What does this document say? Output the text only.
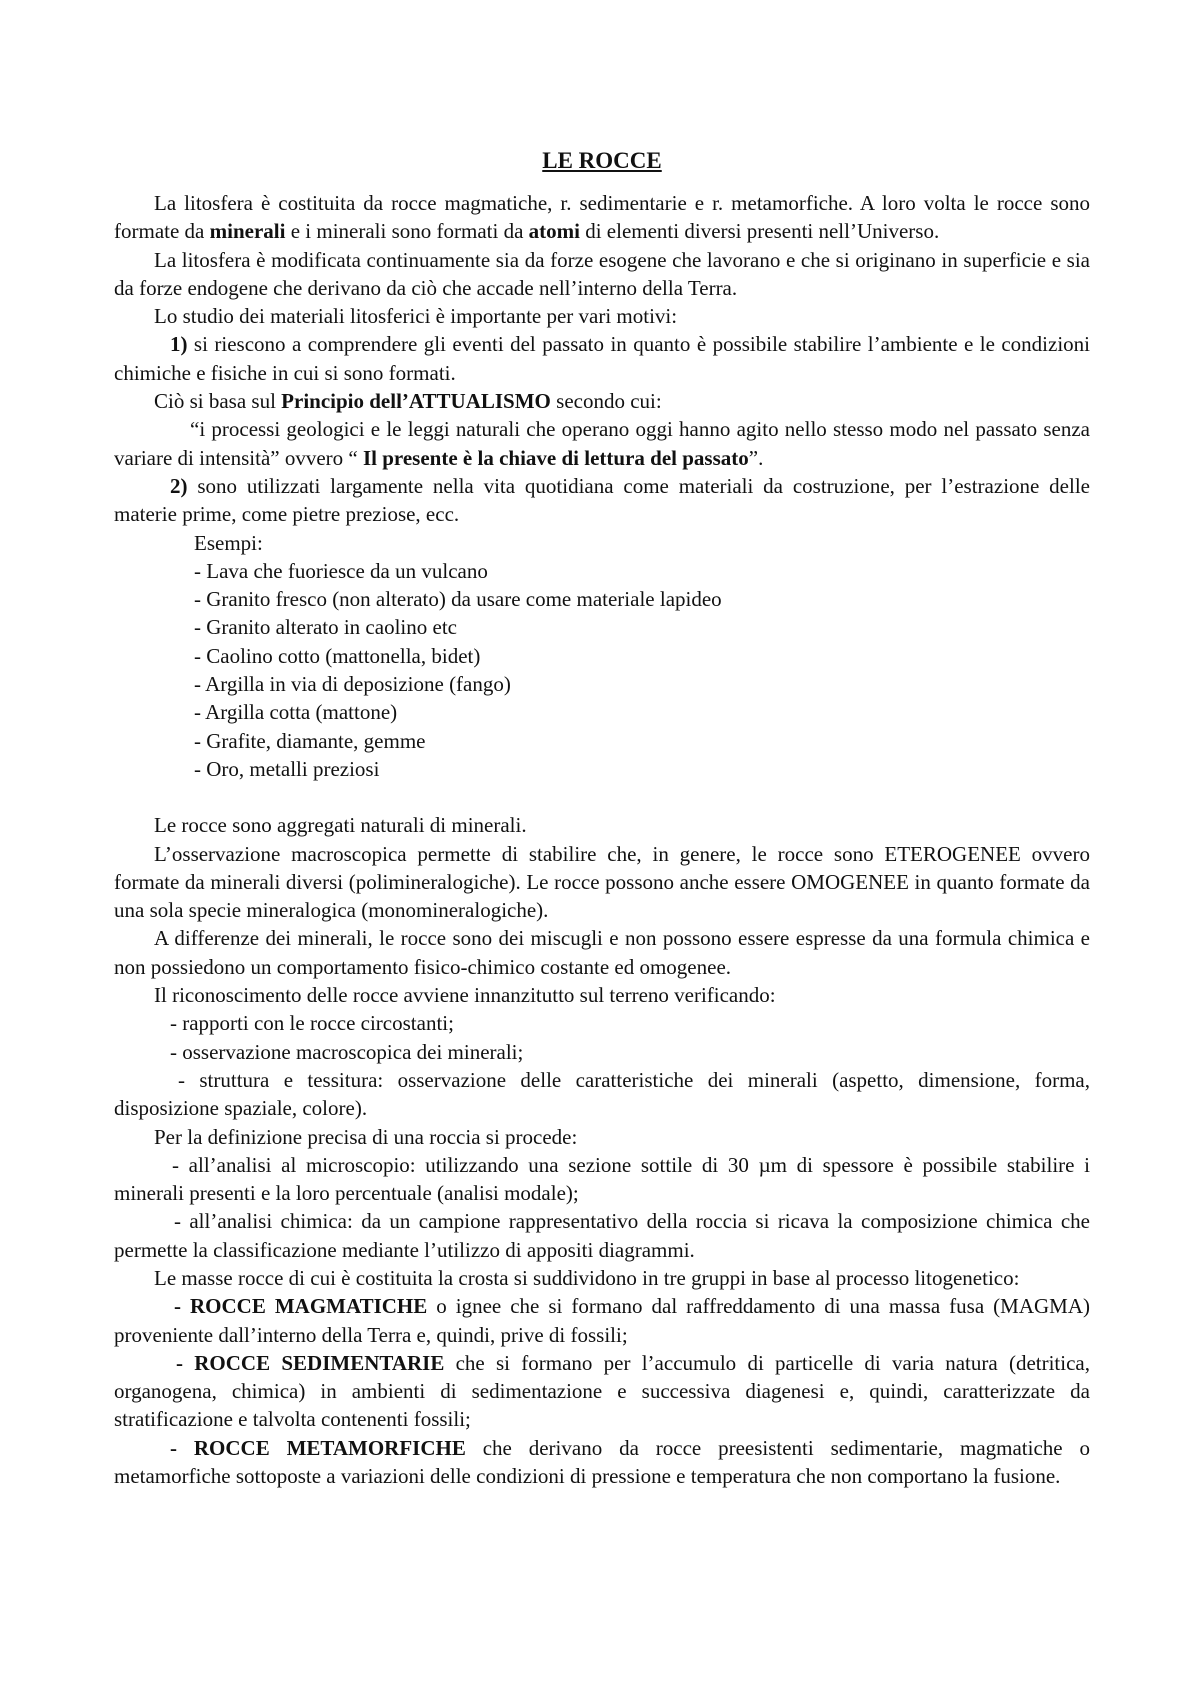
LE ROCCE

La litosfera è costituita da rocce magmatiche, r. sedimentarie e r. metamorfiche. A loro volta le rocce sono formate da minerali e i minerali sono formati da atomi di elementi diversi presenti nell’Universo.

La litosfera è modificata continuamente sia da forze esogene che lavorano e che si originano in superficie e sia da forze endogene che derivano da ciò che accade nell’interno della Terra.

Lo studio dei materiali litosferici è importante per vari motivi:

1) si riescono a comprendere gli eventi del passato in quanto è possibile stabilire l’ambiente e le condizioni chimiche e fisiche in cui si sono formati.

Ciò si basa sul Principio dell’ATTUALISMO secondo cui:

“i processi geologici e le leggi naturali che operano oggi hanno agito nello stesso modo nel passato senza variare di intensità” ovvero “ Il presente è la chiave di lettura del passato”.

2) sono utilizzati largamente nella vita quotidiana come materiali da costruzione, per l’estrazione delle materie prime, come pietre preziose, ecc.

Esempi:
- Lava che fuoriesce da un vulcano
- Granito fresco (non alterato) da usare come materiale lapideo
- Granito alterato in caolino etc
- Caolino cotto (mattonella, bidet)
- Argilla in via di deposizione (fango)
- Argilla cotta (mattone)
- Grafite, diamante, gemme
- Oro, metalli preziosi

Le rocce sono aggregati naturali di minerali.

L’osservazione macroscopica permette di stabilire che, in genere, le rocce sono ETEROGENEE ovvero formate da minerali diversi (polimineralogiche). Le rocce possono anche essere OMOGENEE in quanto formate da una sola specie mineralogica (monomineralogiche).

A differenze dei minerali, le rocce sono dei miscugli e non possono essere espresse da una formula chimica e non possiedono un comportamento fisico-chimico costante ed omogenee.

Il riconoscimento delle rocce avviene innanzitutto sul terreno verificando:

- rapporti con le rocce circostanti;

- osservazione macroscopica dei minerali;

- struttura e tessitura: osservazione delle caratteristiche dei minerali (aspetto, dimensione, forma, disposizione spaziale, colore).

Per la definizione precisa di una roccia si procede:

- all’analisi al microscopio: utilizzando una sezione sottile di 30 µm di spessore è possibile stabilire i minerali presenti e la loro percentuale (analisi modale);

- all’analisi chimica: da un campione rappresentativo della roccia si ricava la composizione chimica che permette la classificazione mediante l’utilizzo di appositi diagrammi.

Le masse rocce di cui è costituita la crosta si suddividono in tre gruppi in base al processo litogenetico:

- ROCCE MAGMATICHE o ignee che si formano dal raffreddamento di una massa fusa (MAGMA) proveniente dall’interno della Terra e, quindi, prive di fossili;

- ROCCE SEDIMENTARIE che si formano per l’accumulo di particelle di varia natura (detritica, organogena, chimica) in ambienti di sedimentazione e successiva diagenesi e, quindi, caratterizzate da stratificazione e talvolta contenenti fossili;

- ROCCE METAMORFICHE che derivano da rocce preesistenti sedimentarie, magmatiche o metamorfiche sottoposte a variazioni delle condizioni di pressione e temperatura che non comportano la fusione.
